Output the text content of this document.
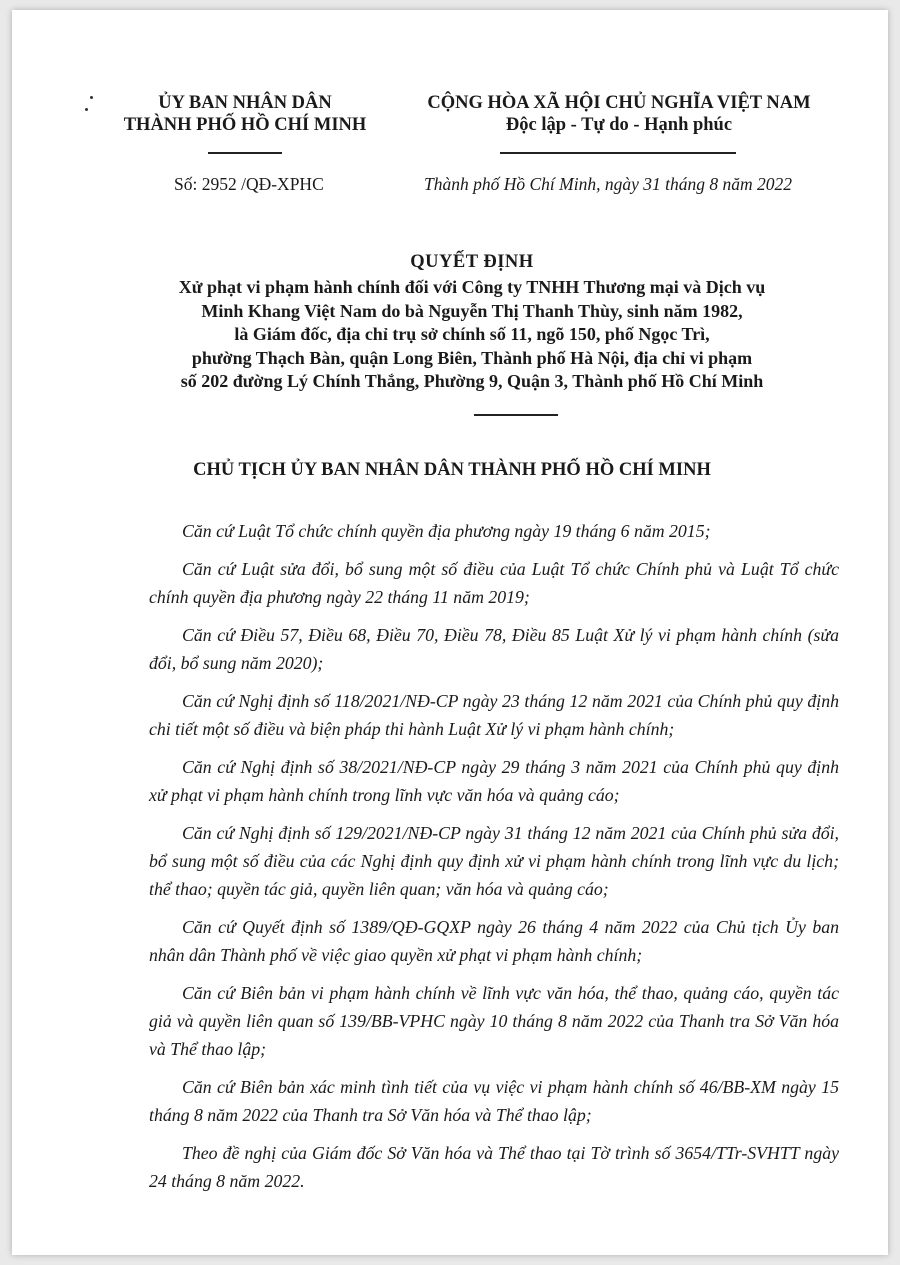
ỦY BAN NHÂN DÂN
THÀNH PHỐ HỒ CHÍ MINH
CỘNG HÒA XÃ HỘI CHỦ NGHĨA VIỆT NAM
Độc lập - Tự do - Hạnh phúc
Số: 2952 /QĐ-XPHC	Thành phố Hồ Chí Minh, ngày 31 tháng 8 năm 2022
QUYẾT ĐỊNH
Xử phạt vi phạm hành chính đối với Công ty TNHH Thương mại và Dịch vụ
Minh Khang Việt Nam do bà Nguyễn Thị Thanh Thùy, sinh năm 1982,
là Giám đốc, địa chỉ trụ sở chính số 11, ngõ 150, phố Ngọc Trì,
phường Thạch Bàn, quận Long Biên, Thành phố Hà Nội, địa chỉ vi phạm
số 202 đường Lý Chính Thắng, Phường 9, Quận 3, Thành phố Hồ Chí Minh
CHỦ TỊCH ỦY BAN NHÂN DÂN THÀNH PHỐ HỒ CHÍ MINH

Căn cứ Luật Tổ chức chính quyền địa phương ngày 19 tháng 6 năm 2015;

Căn cứ Luật sửa đổi, bổ sung một số điều của Luật Tổ chức Chính phủ và Luật Tổ chức chính quyền địa phương ngày 22 tháng 11 năm 2019;

Căn cứ Điều 57, Điều 68, Điều 70, Điều 78, Điều 85 Luật Xử lý vi phạm hành chính (sửa đổi, bổ sung năm 2020);

Căn cứ Nghị định số 118/2021/NĐ-CP ngày 23 tháng 12 năm 2021 của Chính phủ quy định chi tiết một số điều và biện pháp thi hành Luật Xử lý vi phạm hành chính;

Căn cứ Nghị định số 38/2021/NĐ-CP ngày 29 tháng 3 năm 2021 của Chính phủ quy định xử phạt vi phạm hành chính trong lĩnh vực văn hóa và quảng cáo;

Căn cứ Nghị định số 129/2021/NĐ-CP ngày 31 tháng 12 năm 2021 của Chính phủ sửa đổi, bổ sung một số điều của các Nghị định quy định xử vi phạm hành chính trong lĩnh vực du lịch; thể thao; quyền tác giả, quyền liên quan; văn hóa và quảng cáo;

Căn cứ Quyết định số 1389/QĐ-GQXP ngày 26 tháng 4 năm 2022 của Chủ tịch Ủy ban nhân dân Thành phố về việc giao quyền xử phạt vi phạm hành chính;

Căn cứ Biên bản vi phạm hành chính về lĩnh vực văn hóa, thể thao, quảng cáo, quyền tác giả và quyền liên quan số 139/BB-VPHC ngày 10 tháng 8 năm 2022 của Thanh tra Sở Văn hóa và Thể thao lập;

Căn cứ Biên bản xác minh tình tiết của vụ việc vi phạm hành chính số 46/BB-XM ngày 15 tháng 8 năm 2022 của Thanh tra Sở Văn hóa và Thể thao lập;

Theo đề nghị của Giám đốc Sở Văn hóa và Thể thao tại Tờ trình số 3654/TTr-SVHTT ngày 24 tháng 8 năm 2022.
